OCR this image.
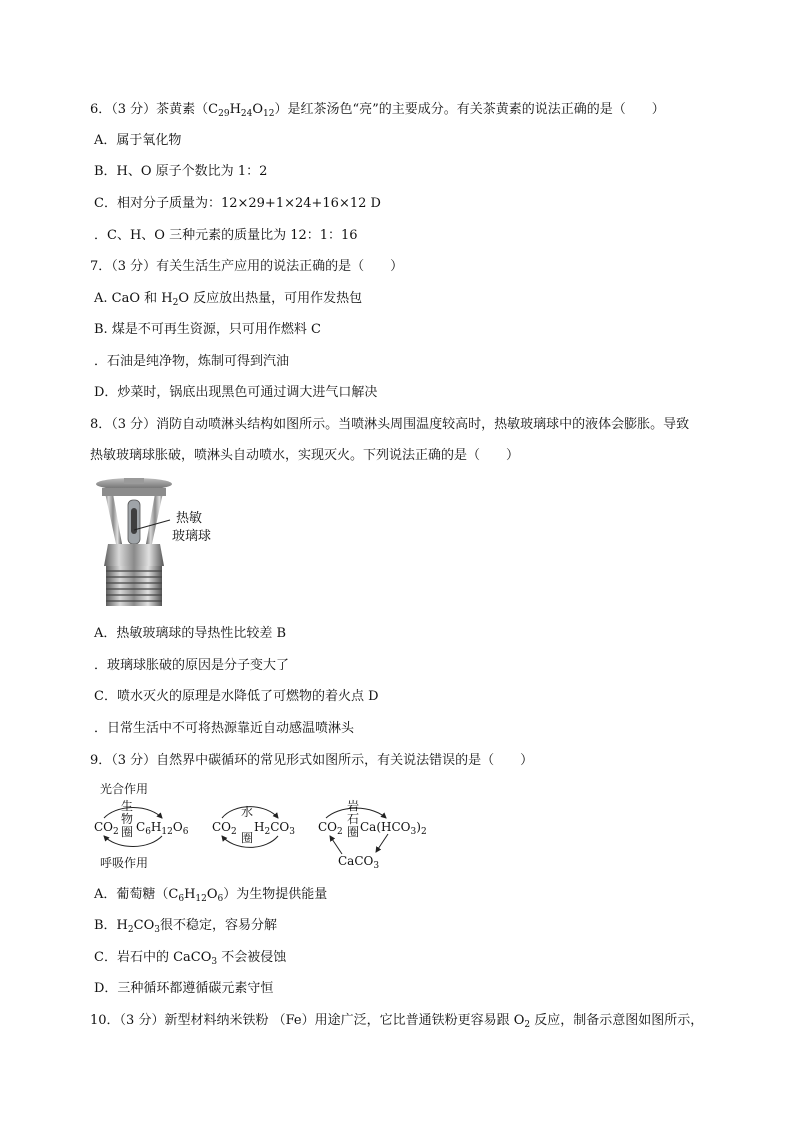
6．（3 分）茶黄素$(C_{29}H_{24}O_{12})$是红茶汤色“亮”的主要成分。有关茶黄素的说法正确的是（　　）
A．属于氧化物
B．H、O 原子个数比为 1：2
C．相对分子质量为：12×29+1×24+16×12 D
．C、H、O 三种元素的质量比为 12：1：16
7．（3 分）有关生活生产应用的说法正确的是（　　）
A. CaO 和 $H_2O$ 反应放出热量，可用作发热包
B. 煤是不可再生资源，只可用作燃料 C
．石油是纯净物，炼制可得到汽油
D．炒菜时，锅底出现黑色可通过调大进气口解决
8．（3 分）消防自动喷淋头结构如图所示。当喷淋头周围温度较高时，热敏玻璃球中的液体会膨胀。导致
热敏玻璃球胀破，喷淋头自动喷水，实现灭火。下列说法正确的是（　　）
热敏
玻璃球
A．热敏玻璃球的导热性比较差 B
．玻璃球胀破的原因是分子变大了
C．喷水灭火的原理是水降低了可燃物的着火点 D
．日常生活中不可将热源靠近自动感温喷淋头
9．（3 分）自然界中碳循环的常见形式如图所示，有关说法错误的是（　　）
光合作用
呼吸作用
$CO_2$
生
物
圈 $C_6H_{12}O_6$ $CO_2$
水
圈
$H_2CO_3$ $CO_2$
岩
石
圈 $Ca(HCO_3)_2$
CaCO$_3$
A．葡萄糖$(C_6H_{12}O_6)$为生物提供能量
B．$H_2CO_3$很不稳定，容易分解
C．岩石中的 CaCO$_3$ 不会被侵蚀
D．三种循环都遵循碳元素守恒
10．（3 分）新型材料纳米铁粉 （Fe）用途广泛，它比普通铁粉更容易跟 $O_2$ 反应，制备示意图如图所示，
